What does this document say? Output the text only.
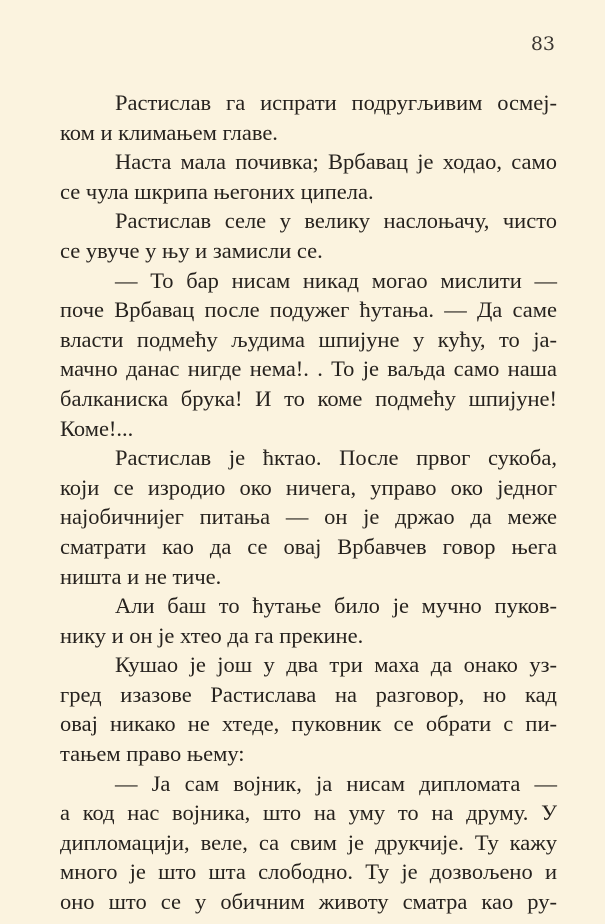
83
Растислав га испрати подругљивим осмеј-
ком и климањем главе.
Наста мала почивка; Врбавац је ходао, само
се чула шкрипа његоних ципела.
Растислав селе у велику наслоњачу, чисто
се увуче у њу и замисли се.
— То бар нисам никад могао мислити —
поче Врбавац после подужег ћутања. — Да саме
власти подмећу људима шпијуне у кућу, то ја-
мачно данас нигде нема!. . То је ваљда само наша
балканиска брука! И то коме подмећу шпијуне!
Коме!...
Растислав је ћктао. После првог сукоба,
који се изродио око ничега, управо око једног
најобичнијег питања — он је држао да меже
сматрати као да се овај Врбавчев говор њега
ништа и не тиче.
Али баш то ћутање било је мучно пуков-
нику и он је хтео да га прекине.
Кушао је још у два три маха да онако уз-
гред изазове Растислава на разговор, но кад
овај никако не хтеде, пуковник се обрати с пи-
тањем право њему:
— Ја сам војник, ја нисам дипломата —
а код нас војника, што на уму то на друму. У
дипломацији, веле, са свим је друкчије. Ту кажу
много је што шта слободно. Ту је дозвољено и
оно што се у обичним животу сматра као ру-
